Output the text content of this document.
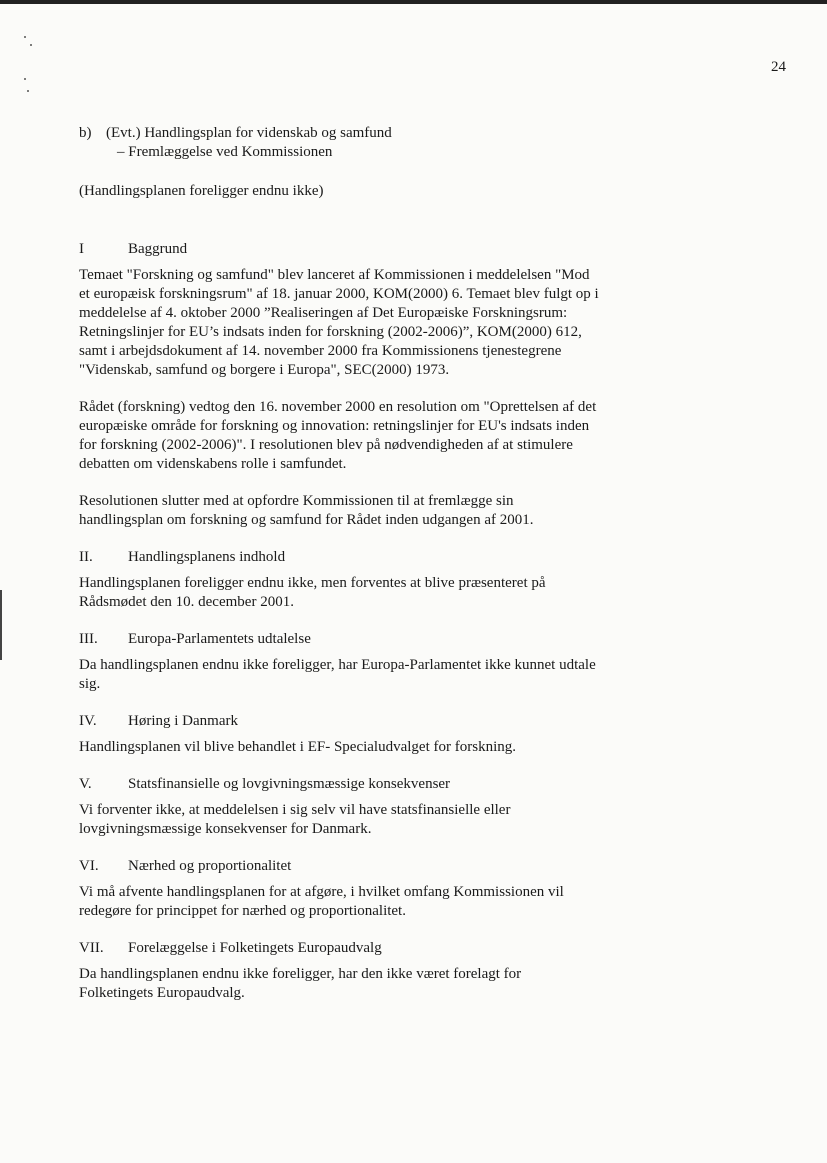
24
b) (Evt.) Handlingsplan for videnskab og samfund
– Fremlæggelse ved Kommissionen

(Handlingsplanen foreligger endnu ikke)

I	Baggrund

Temaet "Forskning og samfund" blev lanceret af Kommissionen i meddelelsen "Mod et europæisk forskningsrum" af 18. januar 2000, KOM(2000) 6. Temaet blev fulgt op i meddelelse af 4. oktober 2000 ”Realiseringen af Det Europæiske Forskningsrum: Retningslinjer for EU’s indsats inden for forskning (2002-2006)”, KOM(2000) 612, samt i arbejdsdokument af 14. november 2000 fra Kommissionens tjenestegrene "Videnskab, samfund og borgere i Europa", SEC(2000) 1973.

Rådet (forskning) vedtog den 16. november 2000 en resolution om "Oprettelsen af det europæiske område for forskning og innovation: retningslinjer for EU's indsats inden for forskning (2002-2006)". I resolutionen blev på nødvendigheden af at stimulere debatten om videnskabens rolle i samfundet.

Resolutionen slutter med at opfordre Kommissionen til at fremlægge sin handlingsplan om forskning og samfund for Rådet inden udgangen af 2001.

II.	Handlingsplanens indhold

Handlingsplanen foreligger endnu ikke, men forventes at blive præsenteret på Rådsmødet den 10. december 2001.

III.	Europa-Parlamentets udtalelse

Da handlingsplanen endnu ikke foreligger, har Europa-Parlamentet ikke kunnet udtale sig.

IV.	Høring i Danmark

Handlingsplanen vil blive behandlet i EF- Specialudvalget for forskning.

V.	Statsfinansielle og lovgivningsmæssige konsekvenser

Vi forventer ikke, at meddelelsen i sig selv vil have statsfinansielle eller lovgivningsmæssige konsekvenser for Danmark.

VI.	Nærhed og proportionalitet

Vi må afvente handlingsplanen for at afgøre, i hvilket omfang Kommissionen vil redegøre for princippet for nærhed og proportionalitet.

VII.	Forelæggelse i Folketingets Europaudvalg

Da handlingsplanen endnu ikke foreligger, har den ikke været forelagt for Folketingets Europaudvalg.
